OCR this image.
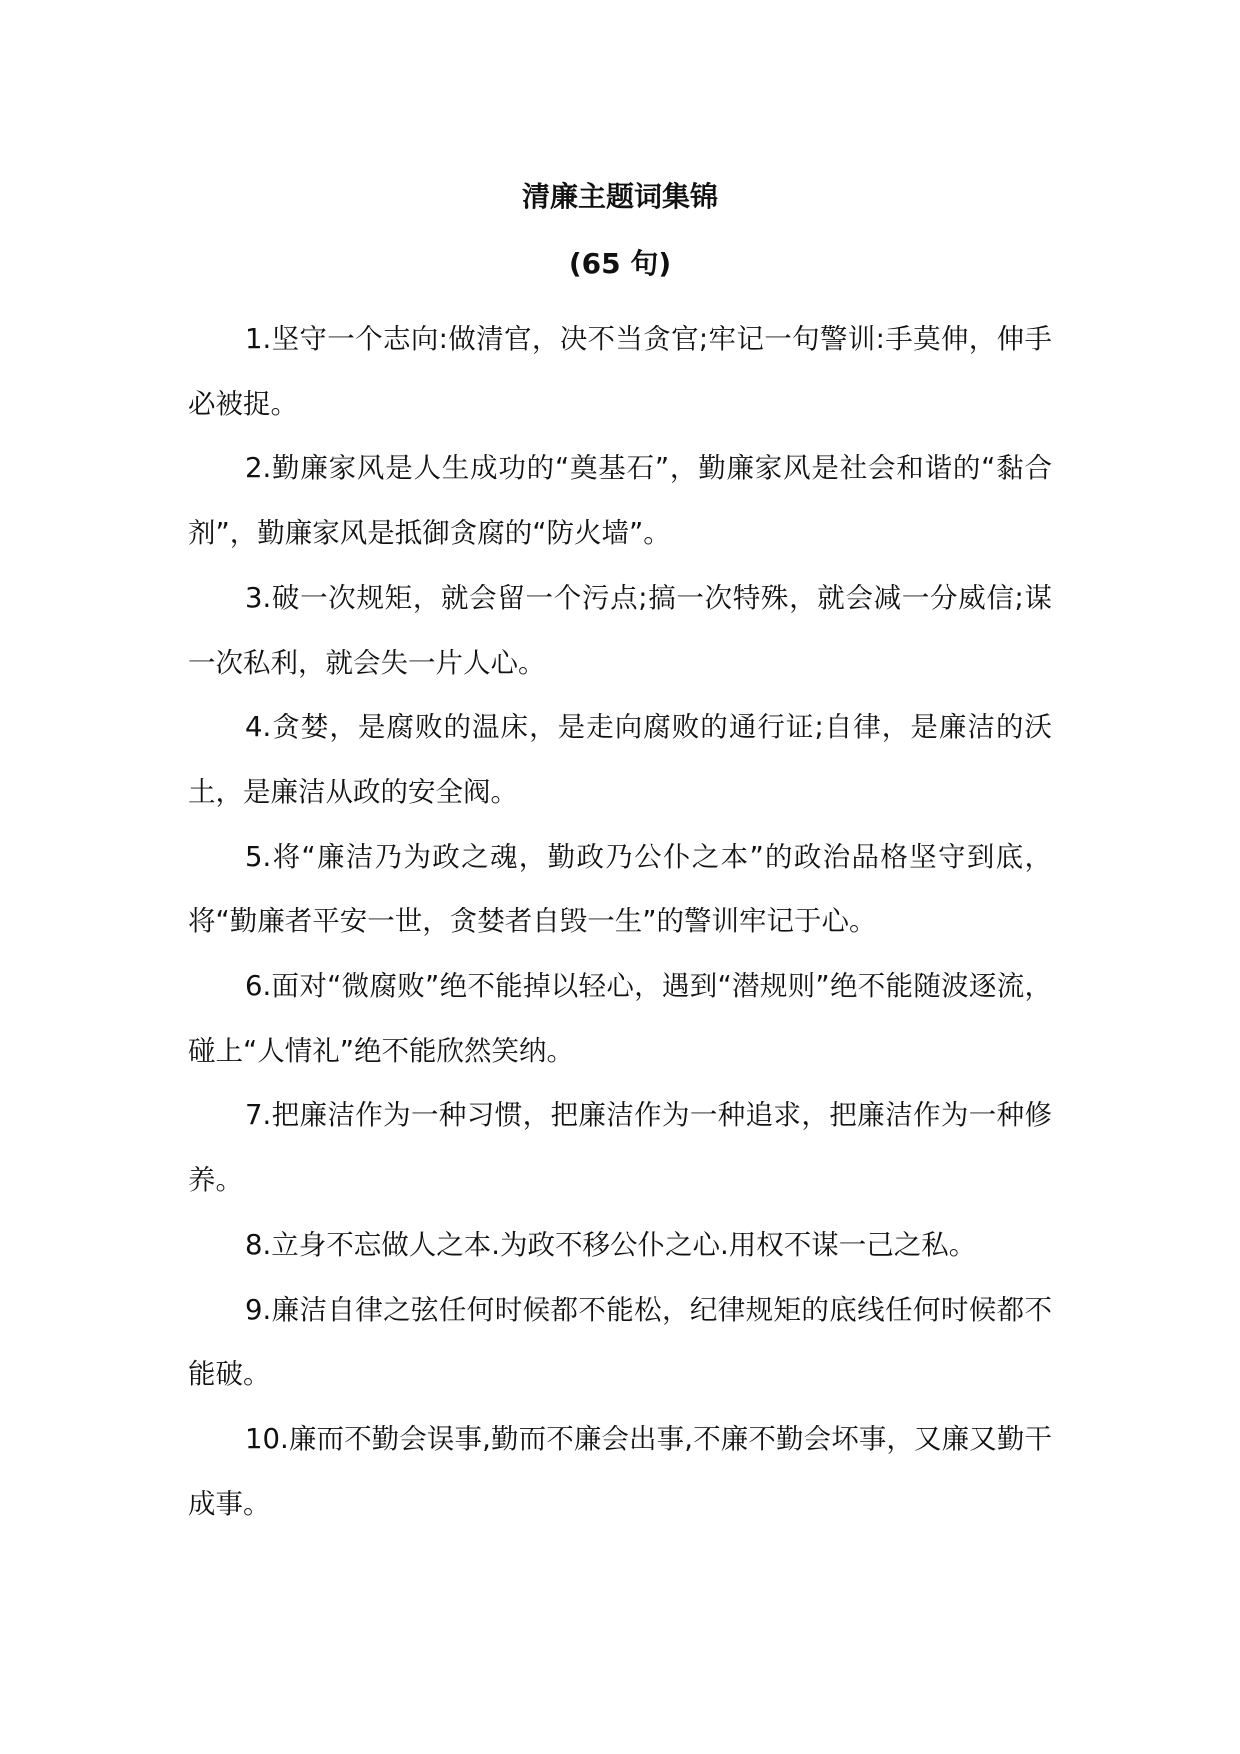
清廉主题词集锦
(65 句)

1.坚守一个志向:做清官，决不当贪官;牢记一句警训:手莫伸，伸手必被捉。

2.勤廉家风是人生成功的“奠基石”，勤廉家风是社会和谐的“黏合剂”，勤廉家风是抵御贪腐的“防火墙”。

3.破一次规矩，就会留一个污点;搞一次特殊，就会减一分威信;谋一次私利，就会失一片人心。

4.贪婪，是腐败的温床，是走向腐败的通行证;自律，是廉洁的沃土，是廉洁从政的安全阀。

5.将“廉洁乃为政之魂，勤政乃公仆之本”的政治品格坚守到底，将“勤廉者平安一世，贪婪者自毁一生”的警训牢记于心。

6.面对“微腐败”绝不能掉以轻心，遇到“潜规则”绝不能随波逐流，碰上“人情礼”绝不能欣然笑纳。

7.把廉洁作为一种习惯，把廉洁作为一种追求，把廉洁作为一种修养。

8.立身不忘做人之本.为政不移公仆之心.用权不谋一己之私。

9.廉洁自律之弦任何时候都不能松，纪律规矩的底线任何时候都不能破。

10.廉而不勤会误事,勤而不廉会出事,不廉不勤会坏事，又廉又勤干成事。
